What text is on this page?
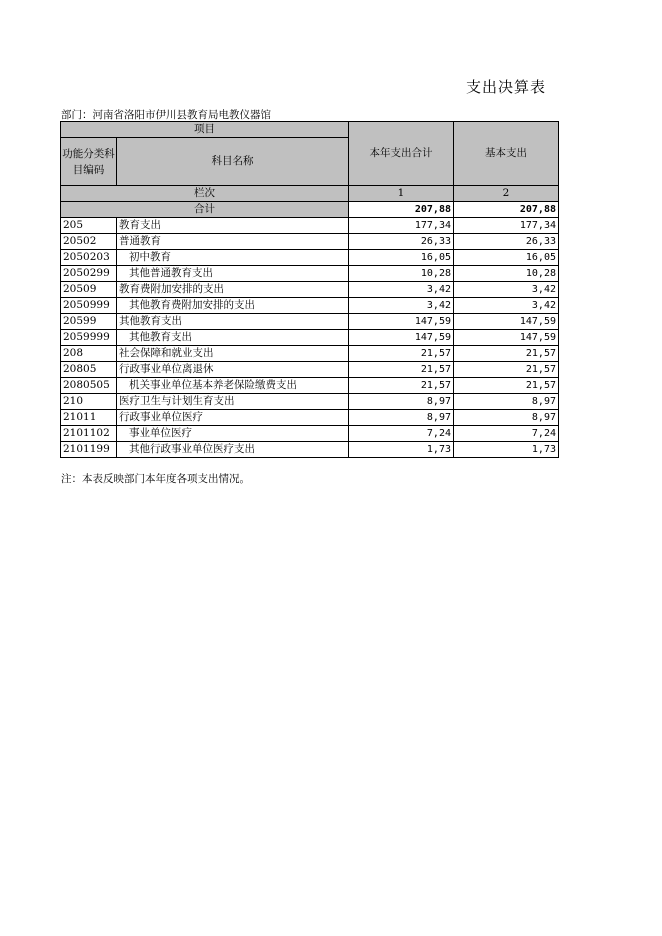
支出决算表
部门：河南省洛阳市伊川县教育局电教仪器馆
项目		本年支出合计	基本支出
功能分类科目编码	科目名称		

栏次		1	2
合计		207,88	207,88
205	教育支出	177,34	177,34
20502	普通教育	26,33	26,33
2050203	初中教育	16,05	16,05
2050299	其他普通教育支出	10,28	10,28
20509	教育费附加安排的支出	3,42	3,42
2050999	其他教育费附加安排的支出	3,42	3,42
20599	其他教育支出	147,59	147,59
2059999	其他教育支出	147,59	147,59
208	社会保障和就业支出	21,57	21,57
20805	行政事业单位离退休	21,57	21,57
2080505	机关事业单位基本养老保险缴费支出	21,57	21,57
210	医疗卫生与计划生育支出	8,97	8,97
21011	行政事业单位医疗	8,97	8,97
2101102	事业单位医疗	7,24	7,24
2101199	其他行政事业单位医疗支出	1,73	1,73
注：本表反映部门本年度各项支出情况。
